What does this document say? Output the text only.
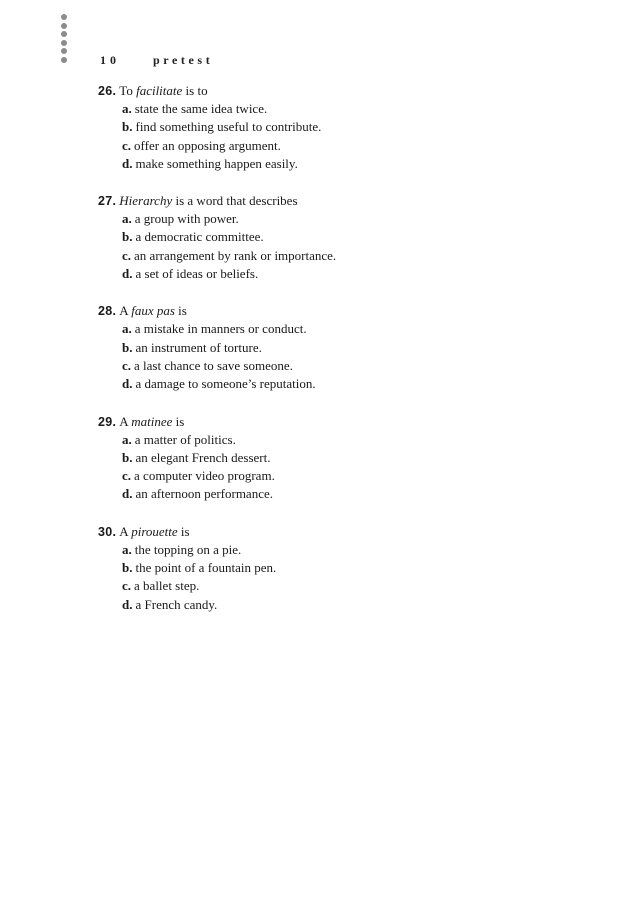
10	pretest
26. To facilitate is to
a. state the same idea twice.
b. find something useful to contribute.
c. offer an opposing argument.
d. make something happen easily.
27. Hierarchy is a word that describes
a. a group with power.
b. a democratic committee.
c. an arrangement by rank or importance.
d. a set of ideas or beliefs.
28. A faux pas is
a. a mistake in manners or conduct.
b. an instrument of torture.
c. a last chance to save someone.
d. a damage to someone’s reputation.
29. A matinee is
a. a matter of politics.
b. an elegant French dessert.
c. a computer video program.
d. an afternoon performance.
30. A pirouette is
a. the topping on a pie.
b. the point of a fountain pen.
c. a ballet step.
d. a French candy.
